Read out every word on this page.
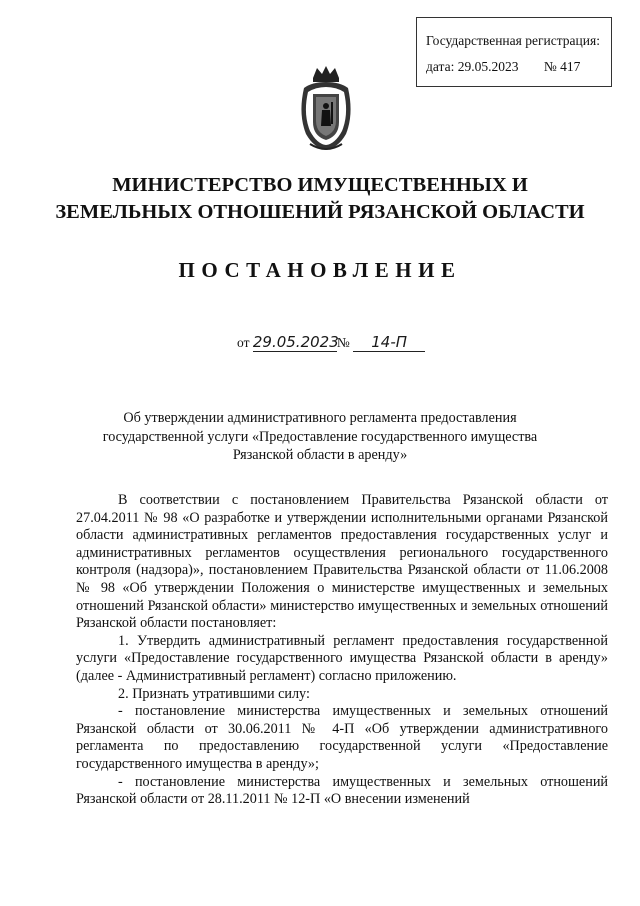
Государственная регистрация:
дата: 29.05.2023 № 417
МИНИСТЕРСТВО ИМУЩЕСТВЕННЫХ И
ЗЕМЕЛЬНЫХ ОТНОШЕНИЙ РЯЗАНСКОЙ ОБЛАСТИ
ПОСТАНОВЛЕНИЕ
от 29.05.2023№ 14-П
Об утверждении административного регламента предоставления
государственной услуги «Предоставление государственного имущества
Рязанской области в аренду»

В соответствии с постановлением Правительства Рязанской области от 27.04.2011 № 98 «О разработке и утверждении исполнительными органами Рязанской области административных регламентов предоставления государственных услуг и административных регламентов осуществления регионального государственного контроля (надзора)», постановлением Правительства Рязанской области от 11.06.2008 № 98 «Об утверждении Положения о министерстве имущественных и земельных отношений Рязанской области» министерство имущественных и земельных отношений Рязанской области постановляет:

1. Утвердить административный регламент предоставления государственной услуги «Предоставление государственного имущества Рязанской области в аренду» (далее - Административный регламент) согласно приложению.

2. Признать утратившими силу:

- постановление министерства имущественных и земельных отношений Рязанской области от 30.06.2011 № 4-П «Об утверждении административного регламента по предоставлению государственной услуги «Предоставление государственного имущества в аренду»;

- постановление министерства имущественных и земельных отношений Рязанской области от 28.11.2011 № 12-П «О внесении изменений
